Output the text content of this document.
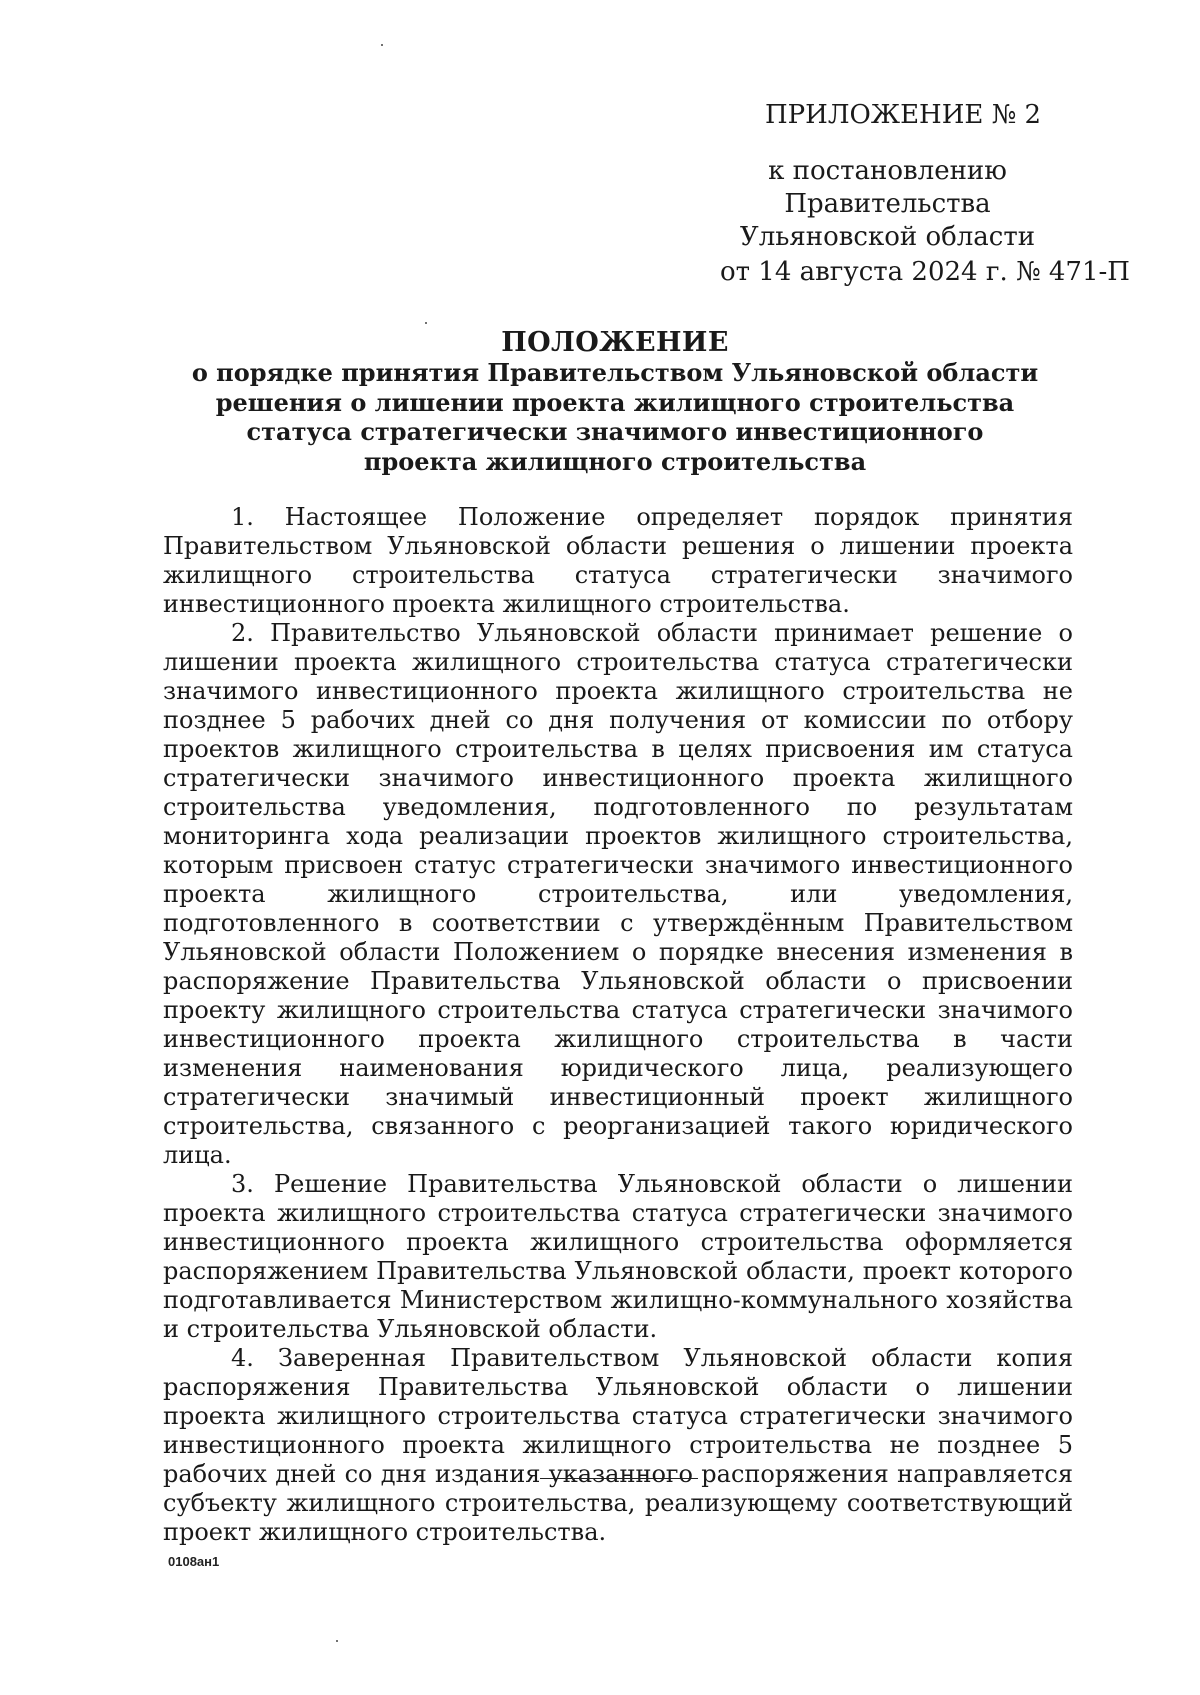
ПРИЛОЖЕНИЕ № 2
к постановлению Правительства
Ульяновской области
от 14 августа 2024 г. № 471-П
ПОЛОЖЕНИЕ
о порядке принятия Правительством Ульяновской области
решения о лишении проекта жилищного строительства
статуса стратегически значимого инвестиционного
проекта жилищного строительства

1. Настоящее Положение определяет порядок принятия Правительством Ульяновской области решения о лишении проекта жилищного строительства статуса стратегически значимого инвестиционного проекта жилищного строительства.

2. Правительство Ульяновской области принимает решение о лишении проекта жилищного строительства статуса стратегически значимого инвестиционного проекта жилищного строительства не позднее 5 рабочих дней со дня получения от комиссии по отбору проектов жилищного строительства в целях присвоения им статуса стратегически значимого инвестиционного проекта жилищного строительства уведомления, подготовленного по результатам мониторинга хода реализации проектов жилищного строительства, которым присвоен статус стратегически значимого инвестиционного проекта жилищного строительства, или уведомления, подготовленного в соответствии с утверждённым Правительством Ульяновской области Положением о порядке внесения изменения в распоряжение Правительства Ульяновской области о присвоении проекту жилищного строительства статуса стратегически значимого инвестиционного проекта жилищного строительства в части изменения наименования юридического лица, реализующего стратегически значимый инвестиционный проект жилищного строительства, связанного с реорганизацией такого юридического лица.

3. Решение Правительства Ульяновской области о лишении проекта жилищного строительства статуса стратегически значимого инвестиционного проекта жилищного строительства оформляется распоряжением Правительства Ульяновской области, проект которого подготавливается Министерством жилищно-коммунального хозяйства и строительства Ульяновской области.

4. Заверенная Правительством Ульяновской области копия распоряжения Правительства Ульяновской области о лишении проекта жилищного строительства статуса стратегически значимого инвестиционного проекта жилищного строительства не позднее 5 рабочих дней со дня издания указанного распоряжения направляется субъекту жилищного строительства, реализующему соответствующий проект жилищного строительства.

0108ан1
